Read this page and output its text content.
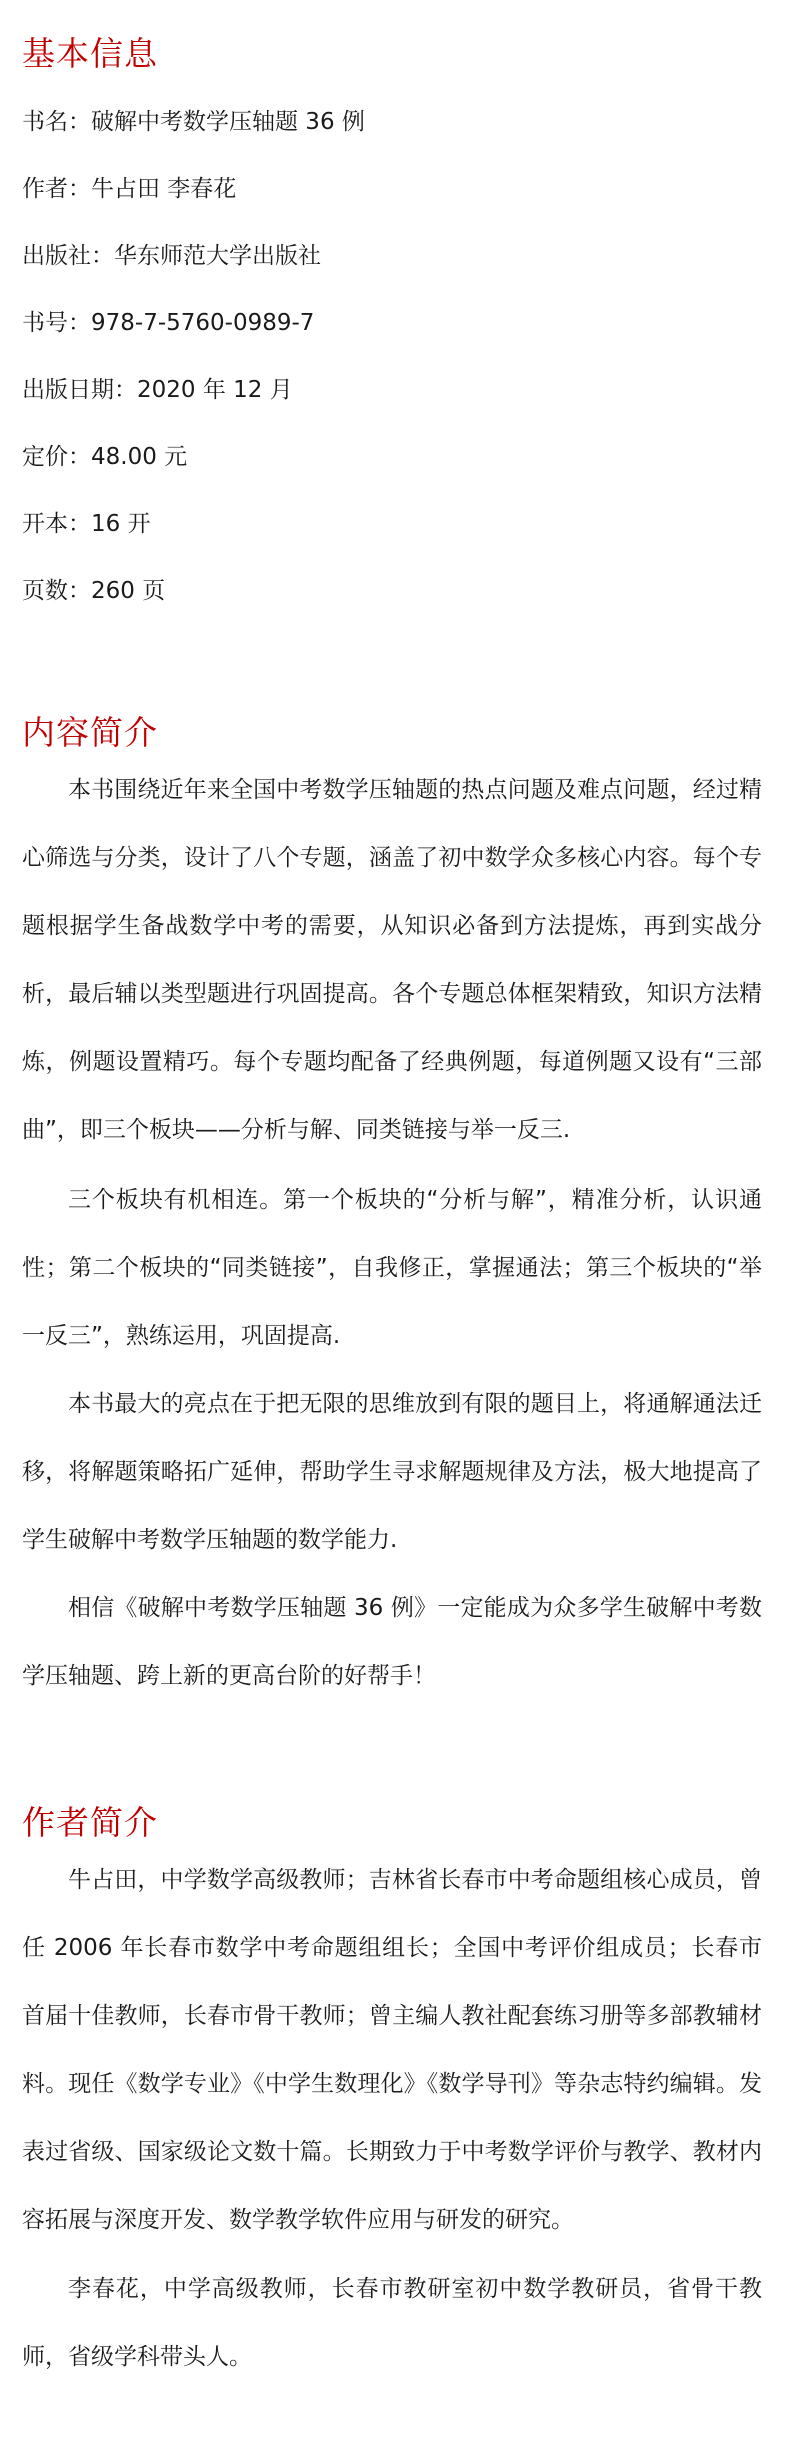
基本信息

书名：破解中考数学压轴题 36 例

作者：牛占田 李春花

出版社：华东师范大学出版社

书号：978-7-5760-0989-7

出版日期：2020 年 12 月

定价：48.00 元

开本：16 开

页数：260 页

内容简介

本书围绕近年来全国中考数学压轴题的热点问题及难点问题，经过精心筛选与分类，设计了八个专题，涵盖了初中数学众多核心内容。每个专题根据学生备战数学中考的需要，从知识必备到方法提炼，再到实战分析，最后辅以类型题进行巩固提高。各个专题总体框架精致，知识方法精炼，例题设置精巧。每个专题均配备了经典例题，每道例题又设有“三部曲”，即三个板块——分析与解、同类链接与举一反三.

三个板块有机相连。第一个板块的“分析与解”，精准分析，认识通性；第二个板块的“同类链接”，自我修正，掌握通法；第三个板块的“举一反三”，熟练运用，巩固提高.

本书最大的亮点在于把无限的思维放到有限的题目上，将通解通法迁移，将解题策略拓广延伸，帮助学生寻求解题规律及方法，极大地提高了学生破解中考数学压轴题的数学能力.

相信《破解中考数学压轴题 36 例》一定能成为众多学生破解中考数学压轴题、跨上新的更高台阶的好帮手！

作者简介

牛占田，中学数学高级教师；吉林省长春市中考命题组核心成员，曾任 2006 年长春市数学中考命题组组长；全国中考评价组成员；长春市首届十佳教师，长春市骨干教师；曾主编人教社配套练习册等多部教辅材料。现任《数学专业》《中学生数理化》《数学导刊》等杂志特约编辑。发表过省级、国家级论文数十篇。长期致力于中考数学评价与教学、教材内容拓展与深度开发、数学教学软件应用与研发的研究。

李春花，中学高级教师，长春市教研室初中数学教研员，省骨干教师，省级学科带头人。
